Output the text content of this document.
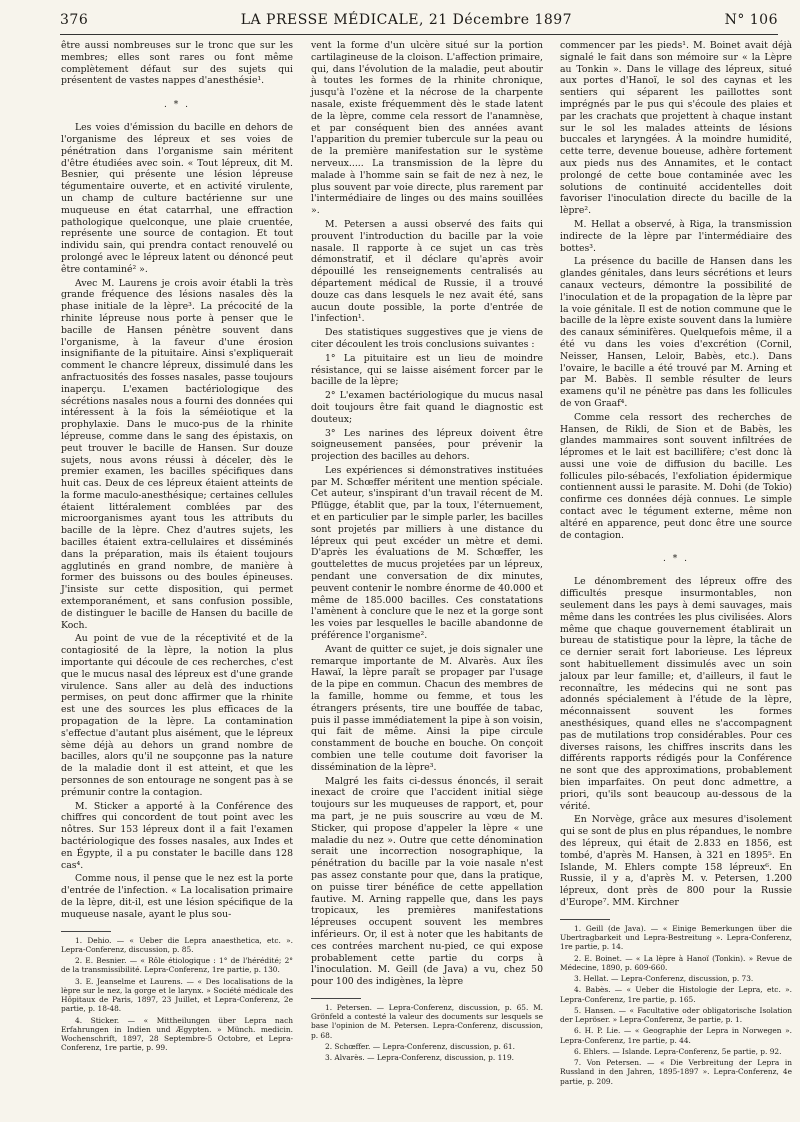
376	LA PRESSE MÉDICALE, 21 Décembre 1897	N° 106

être aussi nombreuses sur le tronc que sur les membres; elles sont rares ou font même complètement défaut sur des sujets qui présentent de vastes nappes d'anesthésie¹.

. * .

Les voies d'émission du bacille en dehors de l'organisme des lépreux et ses voies de pénétration dans l'organisme sain méritent d'être étudiées avec soin. « Tout lépreux, dit M. Besnier, qui présente une lésion lépreuse tégumentaire ouverte, et en activité virulente, un champ de culture bactérienne sur une muqueuse en état catarrhal, une effraction pathologique quelconque, une plaie cruentée, représente une source de contagion. Et tout individu sain, qui prendra contact renouvelé ou prolongé avec le lépreux latent ou dénoncé peut être contaminé² ».

Avec M. Laurens je crois avoir établi la très grande fréquence des lésions nasales dès la phase initiale de la lèpre³. La précocité de la rhinite lépreuse nous porte à penser que le bacille de Hansen pénètre souvent dans l'organisme, à la faveur d'une érosion insignifiante de la pituitaire. Ainsi s'expliquerait comment le chancre lépreux, dissimulé dans les anfractuosités des fosses nasales, passe toujours inaperçu. L'examen bactériologique des sécrétions nasales nous a fourni des données qui intéressent à la fois la séméiotique et la prophylaxie. Dans le muco-pus de la rhinite lépreuse, comme dans le sang des épistaxis, on peut trouver le bacille de Hansen. Sur douze sujets, nous avons réussi à déceler, dès le premier examen, les bacilles spécifiques dans huit cas. Deux de ces lépreux étaient atteints de la forme maculo-anesthésique; certaines cellules étaient littéralement comblées par des microorganismes ayant tous les attributs du bacille de la lèpre. Chez d'autres sujets, les bacilles étaient extra-cellulaires et disséminés dans la préparation, mais ils étaient toujours agglutinés en grand nombre, de manière à former des buissons ou des boules épineuses. J'insiste sur cette disposition, qui permet extemporanément, et sans confusion possible, de distinguer le bacille de Hansen du bacille de Koch.

Au point de vue de la réceptivité et de la contagiosité de la lèpre, la notion la plus importante qui découle de ces recherches, c'est que le mucus nasal des lépreux est d'une grande virulence. Sans aller au delà des inductions permises, on peut donc affirmer que la rhinite est une des sources les plus efficaces de la propagation de la lèpre. La contamination s'effectue d'autant plus aisément, que le lépreux sème déjà au dehors un grand nombre de bacilles, alors qu'il ne soupçonne pas la nature de la maladie dont il est atteint, et que les personnes de son entourage ne songent pas à se prémunir contre la contagion.

M. Sticker a apporté à la Conférence des chiffres qui concordent de tout point avec les nôtres. Sur 153 lépreux dont il a fait l'examen bactériologique des fosses nasales, aux Indes et en Égypte, il a pu constater le bacille dans 128 cas⁴.

Comme nous, il pense que le nez est la porte d'entrée de l'infection. « La localisation primaire de la lèpre, dit-il, est une lésion spécifique de la muqueuse nasale, ayant le plus sou-

1. Dehio. — « Ueber die Lepra anaesthetica, etc. ». Lepra-Conferenz, discussion, p. 85.

2. E. Besnier. — « Rôle étiologique : 1° de l'hérédité; 2° de la transmissibilité. Lepra-Conferenz, 1re partie, p. 130.

3. E. Jeanselme et Laurens. — « Des localisations de la lèpre sur le nez, la gorge et le larynx. » Société médicale des Hôpitaux de Paris, 1897, 23 Juillet, et Lepra-Conferenz, 2e partie, p. 18-48.

4. Sticker. — « Mittheilungen über Lepra nach Erfahrungen in Indien und Ægypten. » Münch. medicin. Wochenschrift, 1897, 28 Septembre-5 Octobre, et Lepra-Conferenz, 1re partie, p. 99.

vent la forme d'un ulcère situé sur la portion cartilagineuse de la cloison. L'affection primaire, qui, dans l'évolution de la maladie, peut aboutir à toutes les formes de la rhinite chronique, jusqu'à l'ozène et la nécrose de la charpente nasale, existe fréquemment dès le stade latent de la lèpre, comme cela ressort de l'anamnèse, et par conséquent bien des années avant l'apparition du premier tubercule sur la peau ou de la première manifestation sur le système nerveux..... La transmission de la lèpre du malade à l'homme sain se fait de nez à nez, le plus souvent par voie directe, plus rarement par l'intermédiaire de linges ou des mains souillées ».

M. Petersen a aussi observé des faits qui prouvent l'introduction du bacille par la voie nasale. Il rapporte à ce sujet un cas très démonstratif, et il déclare qu'après avoir dépouillé les renseignements centralisés au département médical de Russie, il a trouvé douze cas dans lesquels le nez avait été, sans aucun doute possible, la porte d'entrée de l'infection¹.

Des statistiques suggestives que je viens de citer découlent les trois conclusions suivantes :

1° La pituitaire est un lieu de moindre résistance, qui se laisse aisément forcer par le bacille de la lèpre;

2° L'examen bactériologique du mucus nasal doit toujours être fait quand le diagnostic est douteux;

3° Les narines des lépreux doivent être soigneusement pansées, pour prévenir la projection des bacilles au dehors.

Les expériences si démonstratives instituées par M. Schœffer méritent une mention spéciale. Cet auteur, s'inspirant d'un travail récent de M. Pflügge, établit que, par la toux, l'éternuement, et en particulier par le simple parler, les bacilles sont projetés par milliers à une distance du lépreux qui peut excéder un mètre et demi. D'après les évaluations de M. Schœffer, les gouttelettes de mucus projetées par un lépreux, pendant une conversation de dix minutes, peuvent contenir le nombre énorme de 40.000 et même de 185.000 bacilles. Ces constatations l'amènent à conclure que le nez et la gorge sont les voies par lesquelles le bacille abandonne de préférence l'organisme².

Avant de quitter ce sujet, je dois signaler une remarque importante de M. Alvarès. Aux îles Hawaï, la lèpre paraît se propager par l'usage de la pipe en commun. Chacun des membres de la famille, homme ou femme, et tous les étrangers présents, tire une bouffée de tabac, puis il passe immédiatement la pipe à son voisin, qui fait de même. Ainsi la pipe circule constamment de bouche en bouche. On conçoit combien une telle coutume doit favoriser la dissémination de la lèpre³.

Malgré les faits ci-dessus énoncés, il serait inexact de croire que l'accident initial siège toujours sur les muqueuses de rapport, et, pour ma part, je ne puis souscrire au vœu de M. Sticker, qui propose d'appeler la lèpre « une maladie du nez ». Outre que cette dénomination serait une incorrection nosographique, la pénétration du bacille par la voie nasale n'est pas assez constante pour que, dans la pratique, on puisse tirer bénéfice de cette appellation fautive. M. Arning rappelle que, dans les pays tropicaux, les premières manifestations lépreuses occupent souvent les membres inférieurs. Or, il est à noter que les habitants de ces contrées marchent nu-pied, ce qui expose probablement cette partie du corps à l'inoculation. M. Geill (de Java) a vu, chez 50 pour 100 des indigènes, la lèpre

1. Petersen. — Lepra-Conferenz, discussion, p. 65. M. Grönfeld a contesté la valeur des documents sur lesquels se base l'opinion de M. Petersen. Lepra-Conferenz, discussion, p. 68.

2. Schœffer. — Lepra-Conferenz, discussion, p. 61.

3. Alvarès. — Lepra-Conferenz, discussion, p. 119.

commencer par les pieds¹. M. Boinet avait déjà signalé le fait dans son mémoire sur « la Lèpre au Tonkin ». Dans le village des lépreux, situé aux portes d'Hanoï, le sol des caynas et les sentiers qui séparent les paillottes sont imprégnés par le pus qui s'écoule des plaies et par les crachats que projettent à chaque instant sur le sol les malades atteints de lésions buccales et laryngées. À la moindre humidité, cette terre, devenue boueuse, adhère fortement aux pieds nus des Annamites, et le contact prolongé de cette boue contaminée avec les solutions de continuité accidentelles doit favoriser l'inoculation directe du bacille de la lèpre².

M. Hellat a observé, à Riga, la transmission indirecte de la lèpre par l'intermédiaire des bottes³.

La présence du bacille de Hansen dans les glandes génitales, dans leurs sécrétions et leurs canaux vecteurs, démontre la possibilité de l'inoculation et de la propagation de la lèpre par la voie génitale. Il est de notion commune que le bacille de la lèpre existe souvent dans la lumière des canaux séminifères. Quelquefois même, il a été vu dans les voies d'excrétion (Cornil, Neisser, Hansen, Leloir, Babès, etc.). Dans l'ovaire, le bacille a été trouvé par M. Arning et par M. Babès. Il semble résulter de leurs examens qu'il ne pénètre pas dans les follicules de von Graaf⁴.

Comme cela ressort des recherches de Hansen, de Rikli, de Sion et de Babès, les glandes mammaires sont souvent infiltrées de lépromes et le lait est bacillifère; c'est donc là aussi une voie de diffusion du bacille. Les follicules pilo-sébacés, l'exfoliation épidermique contiennent aussi le parasite. M. Dohi (de Tokio) confirme ces données déjà connues. Le simple contact avec le tégument externe, même non altéré en apparence, peut donc être une source de contagion.

. * .

Le dénombrement des lépreux offre des difficultés presque insurmontables, non seulement dans les pays à demi sauvages, mais même dans les contrées les plus civilisées. Alors même que chaque gouvernement établirait un bureau de statistique pour la lèpre, la tâche de ce dernier serait fort laborieuse. Les lépreux sont habituellement dissimulés avec un soin jaloux par leur famille; et, d'ailleurs, il faut le reconnaître, les médecins qui ne sont pas adonnés spécialement à l'étude de la lèpre, méconnaissent souvent les formes anesthésiques, quand elles ne s'accompagnent pas de mutilations trop considérables. Pour ces diverses raisons, les chiffres inscrits dans les différents rapports rédigés pour la Conférence ne sont que des approximations, probablement bien imparfaites. On peut donc admettre, a priori, qu'ils sont beaucoup au-dessous de la vérité.

En Norvège, grâce aux mesures d'isolement qui se sont de plus en plus répandues, le nombre des lépreux, qui était de 2.833 en 1856, est tombé, d'après M. Hansen, à 321 en 1895⁵. En Islande, M. Ehlers compte 158 lépreux⁶. En Russie, il y a, d'après M. v. Petersen, 1.200 lépreux, dont près de 800 pour la Russie d'Europe⁷. MM. Kirchner

1. Geill (de Java). — « Einige Bemerkungen über die Ubertragbarkeit und Lepra-Bestreitung ». Lepra-Conferenz, 1re partie, p. 14.

2. E. Boinet. — « La lèpre à Hanoï (Tonkin). » Revue de Médecine, 1890, p. 609-660.

3. Hellat. — Lepra-Conferenz, discussion, p. 73.

4. Babès. — « Ueber die Histologie der Lepra, etc. ». Lepra-Conferenz, 1re partie, p. 165.

5. Hansen. — « Facultative oder obligatorische Isolation der Lepröser. » Lepra-Conferenz, 3e partie, p. 1.

6. H. P. Lie. — « Geographie der Lepra in Norwegen ». Lepra-Conferenz, 1re partie, p. 44.

6. Ehlers. — Islande. Lepra-Conferenz, 5e partie, p. 92.

7. Von Petersen. — « Die Verbreitung der Lepra in Russland in den Jahren, 1895-1897 ». Lepra-Conferenz, 4e partie, p. 209.
